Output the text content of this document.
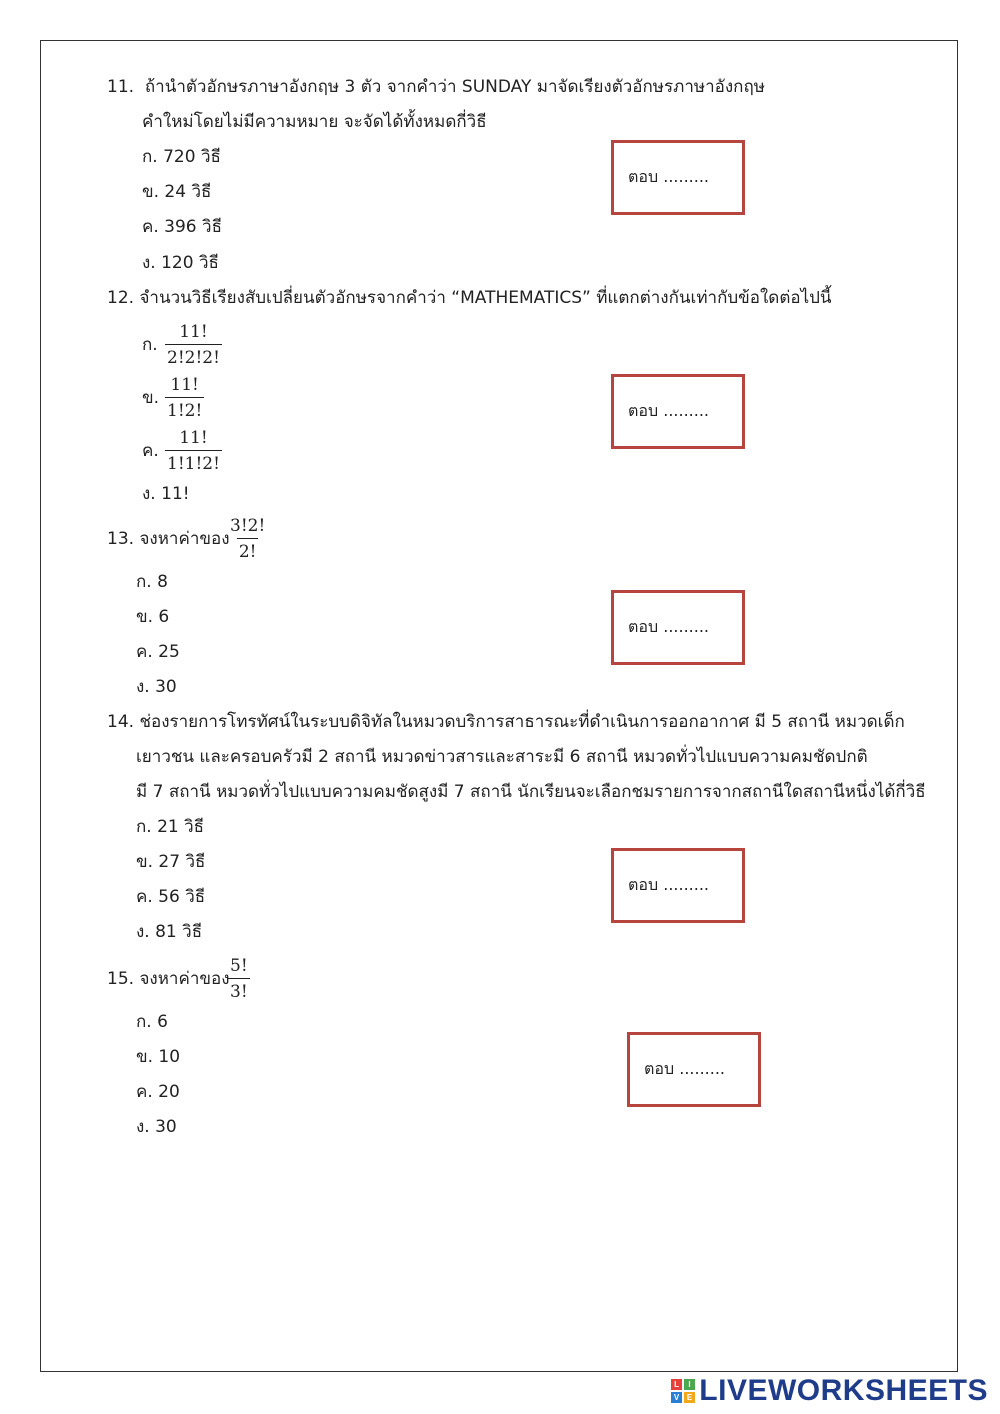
11. ถ้านำตัวอักษรภาษาอังกฤษ 3 ตัว จากคำว่า SUNDAY มาจัดเรียงตัวอักษรภาษาอังกฤษ
คำใหม่โดยไม่มีความหมาย จะจัดได้ทั้งหมดกี่วิธี
ก. 720 วิธี
ข. 24 วิธี
ค. 396 วิธี
ง. 120 วิธี
ตอบ .........
12. จำนวนวิธีเรียงสับเปลี่ยนตัวอักษรจากคำว่า “MATHEMATICS” ที่แตกต่างกันเท่ากับข้อใดต่อไปนี้
ก. $\frac{11!}{2!2!2!}$
ข. $\frac{11!}{1!2!}$
ค. $\frac{11!}{1!1!2!}$
ง. 11!
ตอบ .........
13. จงหาค่าของ
$\frac{3!2!}{2!}$
ก. 8
ข. 6
ค. 25
ง. 30
ตอบ .........
14. ช่องรายการโทรทัศน์ในระบบดิจิทัลในหมวดบริการสาธารณะที่ดำเนินการออกอากาศ มี 5 สถานี หมวดเด็ก
เยาวชน และครอบครัวมี 2 สถานี หมวดข่าวสารและสาระมี 6 สถานี หมวดทั่วไปแบบความคมชัดปกติ
มี 7 สถานี หมวดทั่วไปแบบความคมชัดสูงมี 7 สถานี นักเรียนจะเลือกชมรายการจากสถานีใดสถานีหนึ่งได้กี่วิธี
ก. 21 วิธี
ข. 27 วิธี
ค. 56 วิธี
ง. 81 วิธี
ตอบ .........
15. จงหาค่าของ
$\frac{5!}{3!}$
ก. 6
ข. 10
ค. 20
ง. 30
ตอบ .........
L	I
V E LIVEWORKSHEETS
